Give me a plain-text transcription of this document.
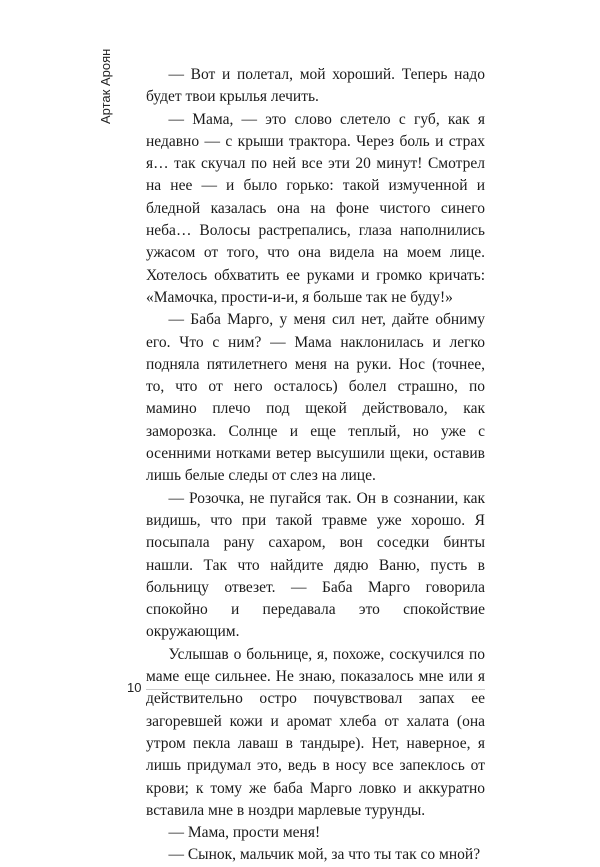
Артак Ароян	— Вот и полетал, мой хороший. Теперь надо будет твои крылья лечить.

— Мама, — это слово слетело с губ, как я недавно — с крыши трактора. Через боль и страх я… так скучал по ней все эти 20 минут! Смотрел на нее — и было горько: такой измученной и бледной казалась она на фоне чистого синего неба… Волосы растрепались, глаза наполнились ужасом от того, что она видела на моем лице. Хотелось обхватить ее руками и громко кричать: «Мамочка, прости-и-и, я больше так не буду!»

— Баба Марго, у меня сил нет, дайте обниму его. Что с ним? — Мама наклонилась и легко подняла пятилетнего меня на руки. Нос (точнее, то, что от него осталось) болел страшно, по мамино плечо под щекой действовало, как заморозка. Солнце и еще теплый, но уже с осенними нотками ветер высушили щеки, оставив лишь белые следы от слез на лице.

— Розочка, не пугайся так. Он в сознании, как видишь, что при такой травме уже хорошо. Я посыпала рану сахаром, вон соседки бинты нашли. Так что найдите дядю Ваню, пусть в больницу отвезет. — Баба Марго говорила спокойно и передавала это спокойствие окружающим.

Услышав о больнице, я, похоже, соскучился по маме еще сильнее. Не знаю, показалось мне или я действительно остро почувствовал запах ее загоревшей кожи и аромат хлеба от халата (она утром пекла лаваш в тандыре). Нет, наверное, я лишь придумал это, ведь в носу все запеклось от крови; к тому же баба Марго ловко и аккуратно вставила мне в ноздри марлевые турунды.

— Мама, прости меня!

— Сынок, мальчик мой, за что ты так со мной?

10
